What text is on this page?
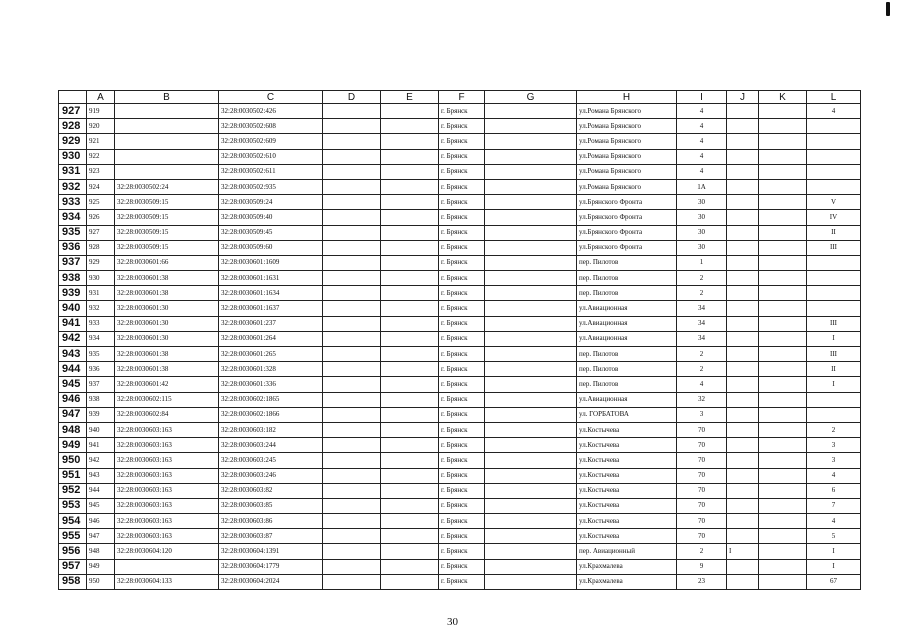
	A	B	C	D	E	F	G	H	I	J	K	L
927	919		32:28:0030502:426			г. Брянск		ул.Романа Брянского	4			4
928	920		32:28:0030502:608			г. Брянск		ул.Романа Брянского	4			
929	921		32:28:0030502:609			г. Брянск		ул.Романа Брянского	4			
930	922		32:28:0030502:610			г. Брянск		ул.Романа Брянского	4			
931	923		32:28:0030502:611			г. Брянск		ул.Романа Брянского	4			
932	924	32:28:0030502:24	32:28:0030502:935			г. Брянск		ул.Романа Брянского	1А			
933	925	32:28:0030509:15	32:28:0030509:24			г. Брянск		ул.Брянского Фронта	30			V
934	926	32:28:0030509:15	32:28:0030509:40			г. Брянск		ул.Брянского Фронта	30			IV
935	927	32:28:0030509:15	32:28:0030509:45			г. Брянск		ул.Брянского Фронта	30			II
936	928	32:28:0030509:15	32:28:0030509:60			г. Брянск		ул.Брянского Фронта	30			III
937	929	32:28:0030601:66	32:28:0030601:1609			г. Брянск		пер. Пилотов	1			
938	930	32:28:0030601:38	32:28:0030601:1631			г. Брянск		пер. Пилотов	2			
939	931	32:28:0030601:38	32:28:0030601:1634			г. Брянск		пер. Пилотов	2			
940	932	32:28:0030601:30	32:28:0030601:1637			г. Брянск		ул.Авиационная	34			
941	933	32:28:0030601:30	32:28:0030601:237			г. Брянск		ул.Авиационная	34			III
942	934	32:28:0030601:30	32:28:0030601:264			г. Брянск		ул.Авиационная	34			I
943	935	32:28:0030601:38	32:28:0030601:265			г. Брянск		пер. Пилотов	2			III
944	936	32:28:0030601:38	32:28:0030601:328			г. Брянск		пер. Пилотов	2			II
945	937	32:28:0030601:42	32:28:0030601:336			г. Брянск		пер. Пилотов	4			I
946	938	32:28:0030602:115	32:28:0030602:1865			г. Брянск		ул.Авиационная	32			
947	939	32:28:0030602:84	32:28:0030602:1866			г. Брянск		ул. ГОРБАТОВА	3			
948	940	32:28:0030603:163	32:28:0030603:182			г. Брянск		ул.Костычева	70			2
949	941	32:28:0030603:163	32:28:0030603:244			г. Брянск		ул.Костычева	70			3
950	942	32:28:0030603:163	32:28:0030603:245			г. Брянск		ул.Костычева	70			3
951	943	32:28:0030603:163	32:28:0030603:246			г. Брянск		ул.Костычева	70			4
952	944	32:28:0030603:163	32:28:0030603:82			г. Брянск		ул.Костычева	70			6
953	945	32:28:0030603:163	32:28:0030603:85			г. Брянск		ул.Костычева	70			7
954	946	32:28:0030603:163	32:28:0030603:86			г. Брянск		ул.Костычева	70			4
955	947	32:28:0030603:163	32:28:0030603:87			г. Брянск		ул.Костычева	70			5
956	948	32:28:0030604:120	32:28:0030604:1391			г. Брянск		пер. Авиационный	2	I		I
957	949		32:28:0030604:1779			г. Брянск		ул.Крахмалева	9			I
958	950	32:28:0030604:133	32:28:0030604:2024			г. Брянск		ул.Крахмалева	23			67
30
